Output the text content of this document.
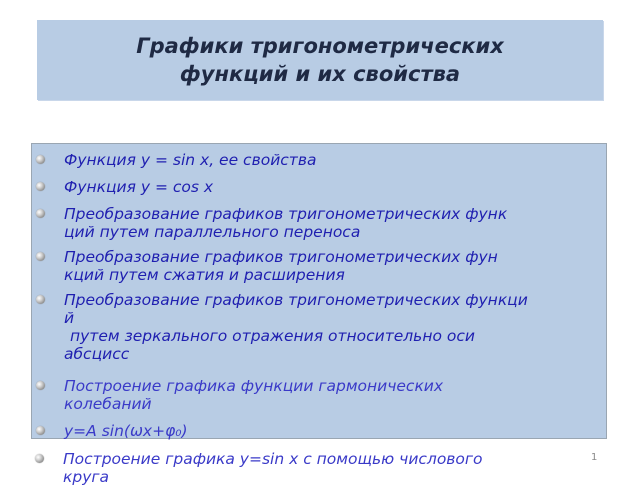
Графики тригонометрических
функций и их свойства
Функция y = sin x, ее свойства
Функция y = cos x
Преобразование графиков тригонометрических функ
ций путем параллельного переноса
Преобразование графиков тригонометрических фун
кций путем сжатия и расширения
Преобразование графиков тригонометрических функци
й
путем зеркального отражения относительно оси
абсцисс
Построение графика функции гармонических
колебаний
y=A sin(ωx+φ₀)
Построение графика y=sin x с помощью числового
круга
1
